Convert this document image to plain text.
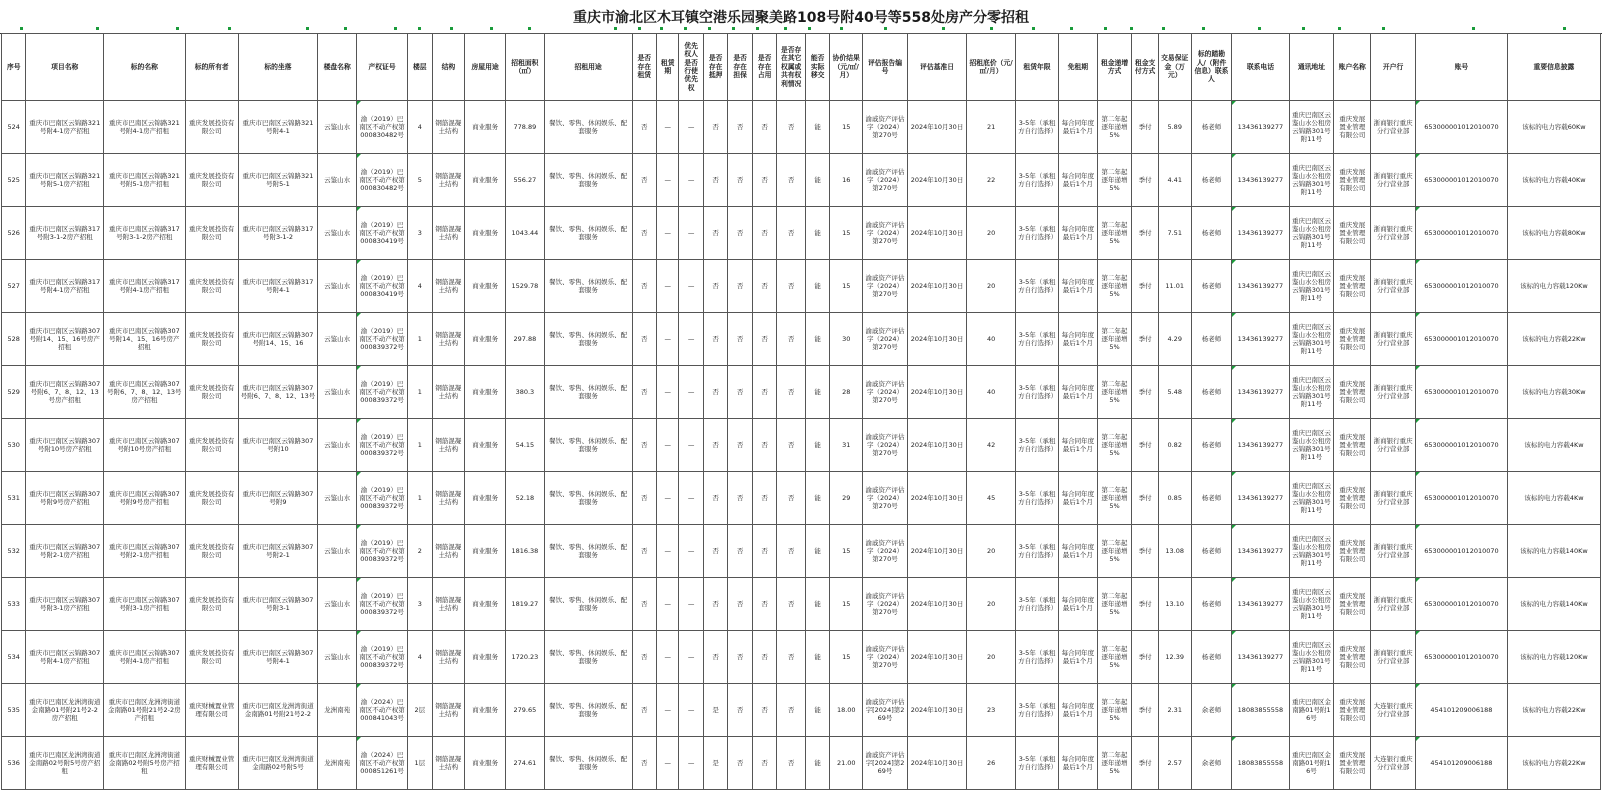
重庆市渝北区木耳镇空港乐园聚美路108号附40号等558处房产分零招租
序号	项目名称	标的名称	标的所有者	标的坐落	楼盘名称	产权证号	楼层	结构	房屋用途	招租面积（㎡）	招租用途	是否存在租赁	租赁期	优先权人是否行使优先权	是否存在抵押	是否存在担保	是否存在占用	是否存在其它权属或共有权利情况	能否实际移交	协价结果（元/㎡/月）	评估报告编号	评估基准日	招租底价（元/㎡/月）	租赁年限	免租期	租金递增方式	租金支付方式	交易保证金（万元）	标的踏勘人/（附件信息）联系人	联系电话	通讯地址	账户名称	开户行	账号	重要信息披露
524	重庆市巴南区云锦路321号附4-1房产招租	重庆市巴南区云锦路321号附4-1房产招租	重庆发展投资有限公司	重庆市巴南区云锦路321号附4-1	云鉴山水	渝（2019）巴南区不动产权第000830482号	4	钢筋混凝土结构	商业服务	778.89	餐饮、零售、休闲娱乐、配套服务	否	—	—	否	否	否	否	能	15	渝戚资产评估字（2024）第270号	2024年10月30日	21	3-5年（承租方自行选择）	每合同年度最后1个月	第二年起逐年递增5%	季付	5.89	杨老师	13436139277	重庆巴南区云鉴山水公租房云锦路301号附11号	重庆发展置业管理有限公司	浙商银行重庆分行营业部	653000001012010070	该标的电力容载60Kw
525	重庆市巴南区云锦路321号附5-1房产招租	重庆市巴南区云锦路321号附5-1房产招租	重庆发展投资有限公司	重庆市巴南区云锦路321号附5-1	云鉴山水	渝（2019）巴南区不动产权第000830482号	5	钢筋混凝土结构	商业服务	556.27	餐饮、零售、休闲娱乐、配套服务	否	—	—	否	否	否	否	能	16	渝戚资产评估字（2024）第270号	2024年10月30日	22	3-5年（承租方自行选择）	每合同年度最后1个月	第二年起逐年递增5%	季付	4.41	杨老师	13436139277	重庆巴南区云鉴山水公租房云锦路301号附11号	重庆发展置业管理有限公司	浙商银行重庆分行营业部	653000001012010070	该标的电力容载40Kw
526	重庆市巴南区云锦路317号附3-1-2房产招租	重庆市巴南区云锦路317号附3-1-2房产招租	重庆发展投资有限公司	重庆市巴南区云锦路317号附3-1-2	云鉴山水	渝（2019）巴南区不动产权第000830419号	3	钢筋混凝土结构	商业服务	1043.44	餐饮、零售、休闲娱乐、配套服务	否	—	—	否	否	否	否	能	15	渝戚资产评估字（2024）第270号	2024年10月30日	20	3-5年（承租方自行选择）	每合同年度最后1个月	第二年起逐年递增5%	季付	7.51	杨老师	13436139277	重庆巴南区云鉴山水公租房云锦路301号附11号	重庆发展置业管理有限公司	浙商银行重庆分行营业部	653000001012010070	该标的电力容载80Kw
527	重庆市巴南区云锦路317号附4-1房产招租	重庆市巴南区云锦路317号附4-1房产招租	重庆发展投资有限公司	重庆市巴南区云锦路317号附4-1	云鉴山水	渝（2019）巴南区不动产权第000830419号	4	钢筋混凝土结构	商业服务	1529.78	餐饮、零售、休闲娱乐、配套服务	否	—	—	否	否	否	否	能	15	渝戚资产评估字（2024）第270号	2024年10月30日	20	3-5年（承租方自行选择）	每合同年度最后1个月	第二年起逐年递增5%	季付	11.01	杨老师	13436139277	重庆巴南区云鉴山水公租房云锦路301号附11号	重庆发展置业管理有限公司	浙商银行重庆分行营业部	653000001012010070	该标的电力容载120Kw
528	重庆市巴南区云锦路307号附14、15、16号房产招租	重庆市巴南区云锦路307号附14、15、16号房产招租	重庆发展投资有限公司	重庆市巴南区云锦路307号附14、15、16	云鉴山水	渝（2019）巴南区不动产权第000839372号	1	钢筋混凝土结构	商业服务	297.88	餐饮、零售、休闲娱乐、配套服务	否	—	—	否	否	否	否	能	30	渝戚资产评估字（2024）第270号	2024年10月30日	40	3-5年（承租方自行选择）	每合同年度最后1个月	第二年起逐年递增5%	季付	4.29	杨老师	13436139277	重庆巴南区云鉴山水公租房云锦路301号附11号	重庆发展置业管理有限公司	浙商银行重庆分行营业部	653000001012010070	该标的电力容载22Kw
529	重庆市巴南区云锦路307号附6、7、8、12、13号房产招租	重庆市巴南区云锦路307号附6、7、8、12、13号房产招租	重庆发展投资有限公司	重庆市巴南区云锦路307号附6、7、8、12、13号	云鉴山水	渝（2019）巴南区不动产权第000839372号	1	钢筋混凝土结构	商业服务	380.3	餐饮、零售、休闲娱乐、配套服务	否	—	—	否	否	否	否	能	28	渝戚资产评估字（2024）第270号	2024年10月30日	40	3-5年（承租方自行选择）	每合同年度最后1个月	第二年起逐年递增5%	季付	5.48	杨老师	13436139277	重庆巴南区云鉴山水公租房云锦路301号附11号	重庆发展置业管理有限公司	浙商银行重庆分行营业部	653000001012010070	该标的电力容载30Kw
530	重庆市巴南区云锦路307号附10号房产招租	重庆市巴南区云锦路307号附10号房产招租	重庆发展投资有限公司	重庆市巴南区云锦路307号附10	云鉴山水	渝（2019）巴南区不动产权第000839372号	1	钢筋混凝土结构	商业服务	54.15	餐饮、零售、休闲娱乐、配套服务	否	—	—	否	否	否	否	能	31	渝戚资产评估字（2024）第270号	2024年10月30日	42	3-5年（承租方自行选择）	每合同年度最后1个月	第二年起逐年递增5%	季付	0.82	杨老师	13436139277	重庆巴南区云鉴山水公租房云锦路301号附11号	重庆发展置业管理有限公司	浙商银行重庆分行营业部	653000001012010070	该标的电力容载4Kw
531	重庆市巴南区云锦路307号附9号房产招租	重庆市巴南区云锦路307号附9号房产招租	重庆发展投资有限公司	重庆市巴南区云锦路307号附9	云鉴山水	渝（2019）巴南区不动产权第000839372号	1	钢筋混凝土结构	商业服务	52.18	餐饮、零售、休闲娱乐、配套服务	否	—	—	否	否	否	否	能	29	渝戚资产评估字（2024）第270号	2024年10月30日	45	3-5年（承租方自行选择）	每合同年度最后1个月	第二年起逐年递增5%	季付	0.85	杨老师	13436139277	重庆巴南区云鉴山水公租房云锦路301号附11号	重庆发展置业管理有限公司	浙商银行重庆分行营业部	653000001012010070	该标的电力容载4Kw
532	重庆市巴南区云锦路307号附2-1房产招租	重庆市巴南区云锦路307号附2-1房产招租	重庆发展投资有限公司	重庆市巴南区云锦路307号附2-1	云鉴山水	渝（2019）巴南区不动产权第000839372号	2	钢筋混凝土结构	商业服务	1816.38	餐饮、零售、休闲娱乐、配套服务	否	—	—	否	否	否	否	能	15	渝戚资产评估字（2024）第270号	2024年10月30日	20	3-5年（承租方自行选择）	每合同年度最后1个月	第二年起逐年递增5%	季付	13.08	杨老师	13436139277	重庆巴南区云鉴山水公租房云锦路301号附11号	重庆发展置业管理有限公司	浙商银行重庆分行营业部	653000001012010070	该标的电力容载140Kw
533	重庆市巴南区云锦路307号附3-1房产招租	重庆市巴南区云锦路307号附3-1房产招租	重庆发展投资有限公司	重庆市巴南区云锦路307号附3-1	云鉴山水	渝（2019）巴南区不动产权第000839372号	3	钢筋混凝土结构	商业服务	1819.27	餐饮、零售、休闲娱乐、配套服务	否	—	—	否	否	否	否	能	15	渝戚资产评估字（2024）第270号	2024年10月30日	20	3-5年（承租方自行选择）	每合同年度最后1个月	第二年起逐年递增5%	季付	13.10	杨老师	13436139277	重庆巴南区云鉴山水公租房云锦路301号附11号	重庆发展置业管理有限公司	浙商银行重庆分行营业部	653000001012010070	该标的电力容载140Kw
534	重庆市巴南区云锦路307号附4-1房产招租	重庆市巴南区云锦路307号附4-1房产招租	重庆发展投资有限公司	重庆市巴南区云锦路307号附4-1	云鉴山水	渝（2019）巴南区不动产权第000839372号	4	钢筋混凝土结构	商业服务	1720.23	餐饮、零售、休闲娱乐、配套服务	否	—	—	否	否	否	否	能	15	渝戚资产评估字（2024）第270号	2024年10月30日	20	3-5年（承租方自行选择）	每合同年度最后1个月	第二年起逐年递增5%	季付	12.39	杨老师	13436139277	重庆巴南区云鉴山水公租房云锦路301号附11号	重庆发展置业管理有限公司	浙商银行重庆分行营业部	653000001012010070	该标的电力容载120Kw
535	重庆市巴南区龙洲湾街道金南路01号附21号2-2房产招租	重庆市巴南区龙洲湾街道金南路01号附21号2-2房产招租	重庆财械置业管理有限公司	重庆市巴南区龙洲湾街道金南路01号附21号2-2	龙洲南苑	渝（2024）巴南区不动产权第000841043号	2层	钢筋混凝土结构	商业服务	279.65	餐饮、零售、休闲娱乐、配套服务	否	—	—	是	否	否	否	能	18.00	渝戚资产评估字[2024]第269号	2024年10月30日	23	3-5年（承租方自行选择）	每合同年度最后1个月	第二年起逐年递增5%	季付	2.31	余老师	18083855558	重庆巴南区金南路01号附16号	重庆发展置业管理有限公司	大连银行重庆分行营业部	454101209006188	该标的电力容载22Kw
536	重庆市巴南区龙洲湾街道金南路02号附5号房产招租	重庆市巴南区龙洲湾街道金南路02号附5号房产招租	重庆财械置业管理有限公司	重庆市巴南区龙洲湾街道金南路02号附5号	龙洲南苑	渝（2024）巴南区不动产权第000851261号	1层	钢筋混凝土结构	商业服务	274.61	餐饮、零售、休闲娱乐、配套服务	否	—	—	是	否	否	否	能	21.00	渝戚资产评估字[2024]第269号	2024年10月30日	26	3-5年（承租方自行选择）	每合同年度最后1个月	第二年起逐年递增5%	季付	2.57	余老师	18083855558	重庆巴南区金南路01号附16号	重庆发展置业管理有限公司	大连银行重庆分行营业部	454101209006188	该标的电力容载22Kw
